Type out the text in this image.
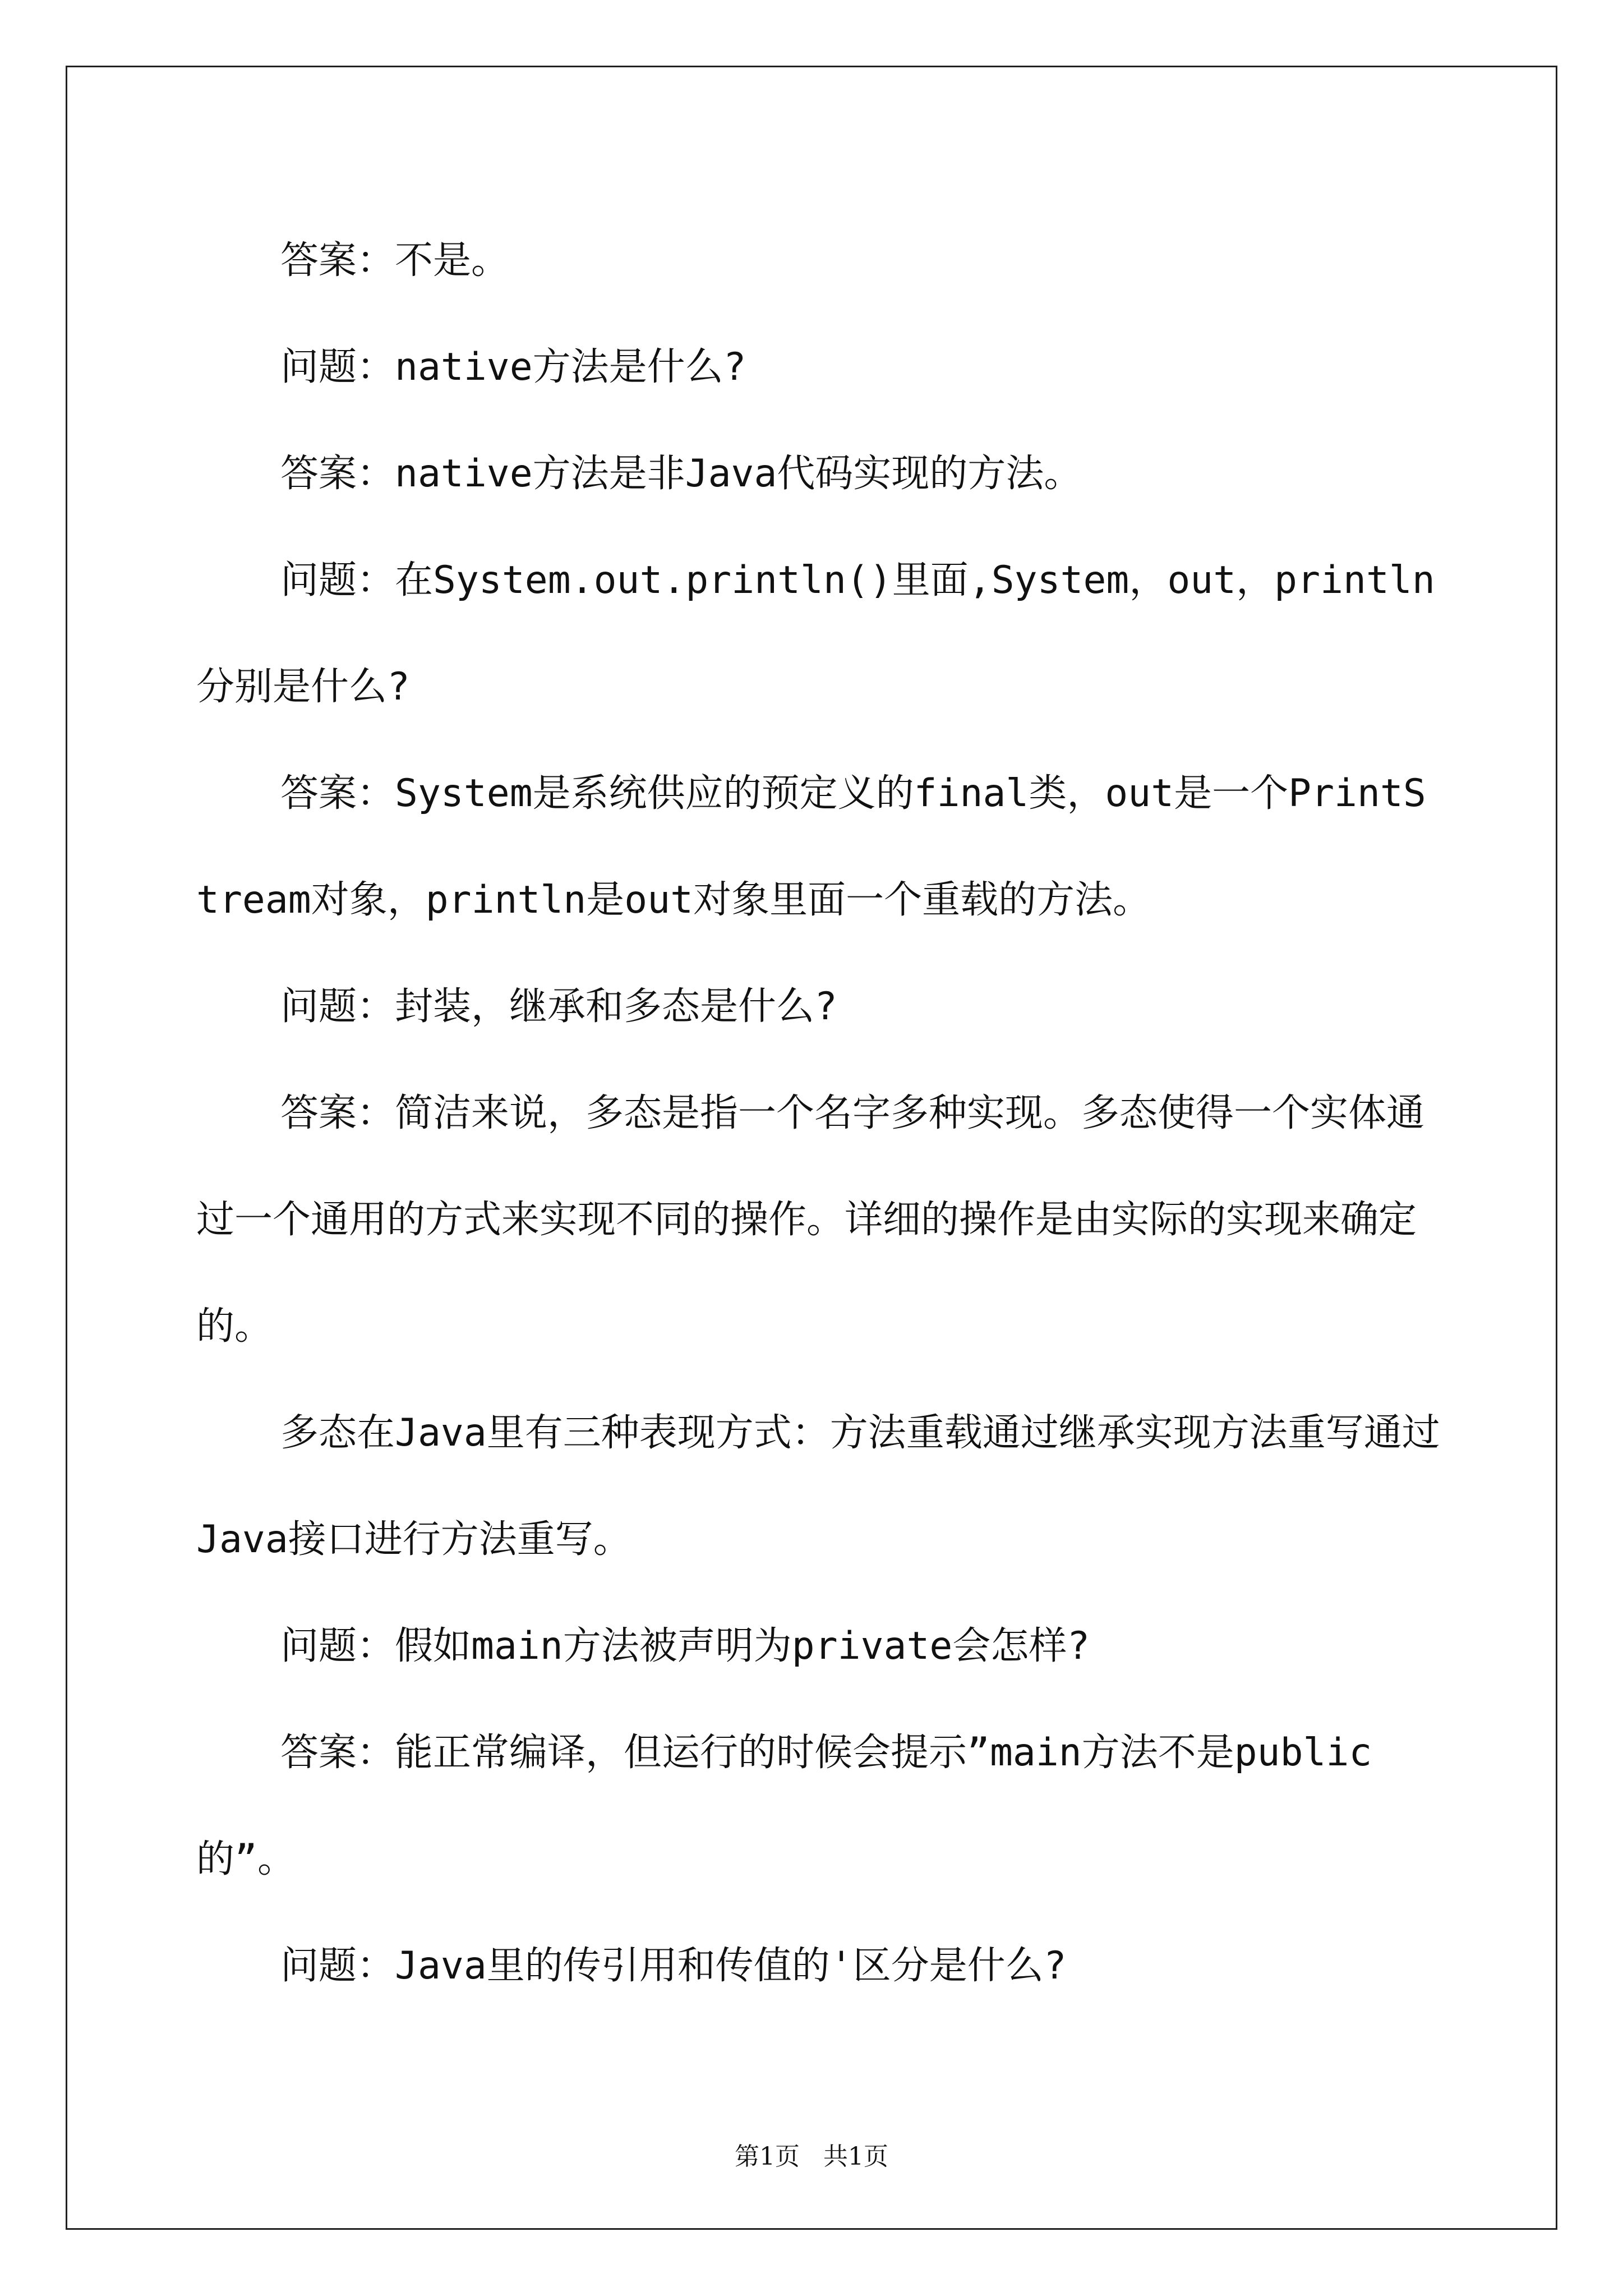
答案：不是。

问题：native方法是什么?

答案：native方法是非Java代码实现的方法。

问题：在System.out.println()里面,System，out，println分别是什么?

答案：System是系统供应的预定义的final类，out是一个PrintStream对象，println是out对象里面一个重载的方法。

问题：封装，继承和多态是什么?

答案：简洁来说，多态是指一个名字多种实现。多态使得一个实体通过一个通用的方式来实现不同的操作。详细的操作是由实际的实现来确定的。

多态在Java里有三种表现方式：方法重载通过继承实现方法重写通过Java接口进行方法重写。

问题：假如main方法被声明为private会怎样?

答案：能正常编译，但运行的时候会提示”main方法不是public的”。

问题：Java里的传引用和传值的'区分是什么?

第1页 共1页
